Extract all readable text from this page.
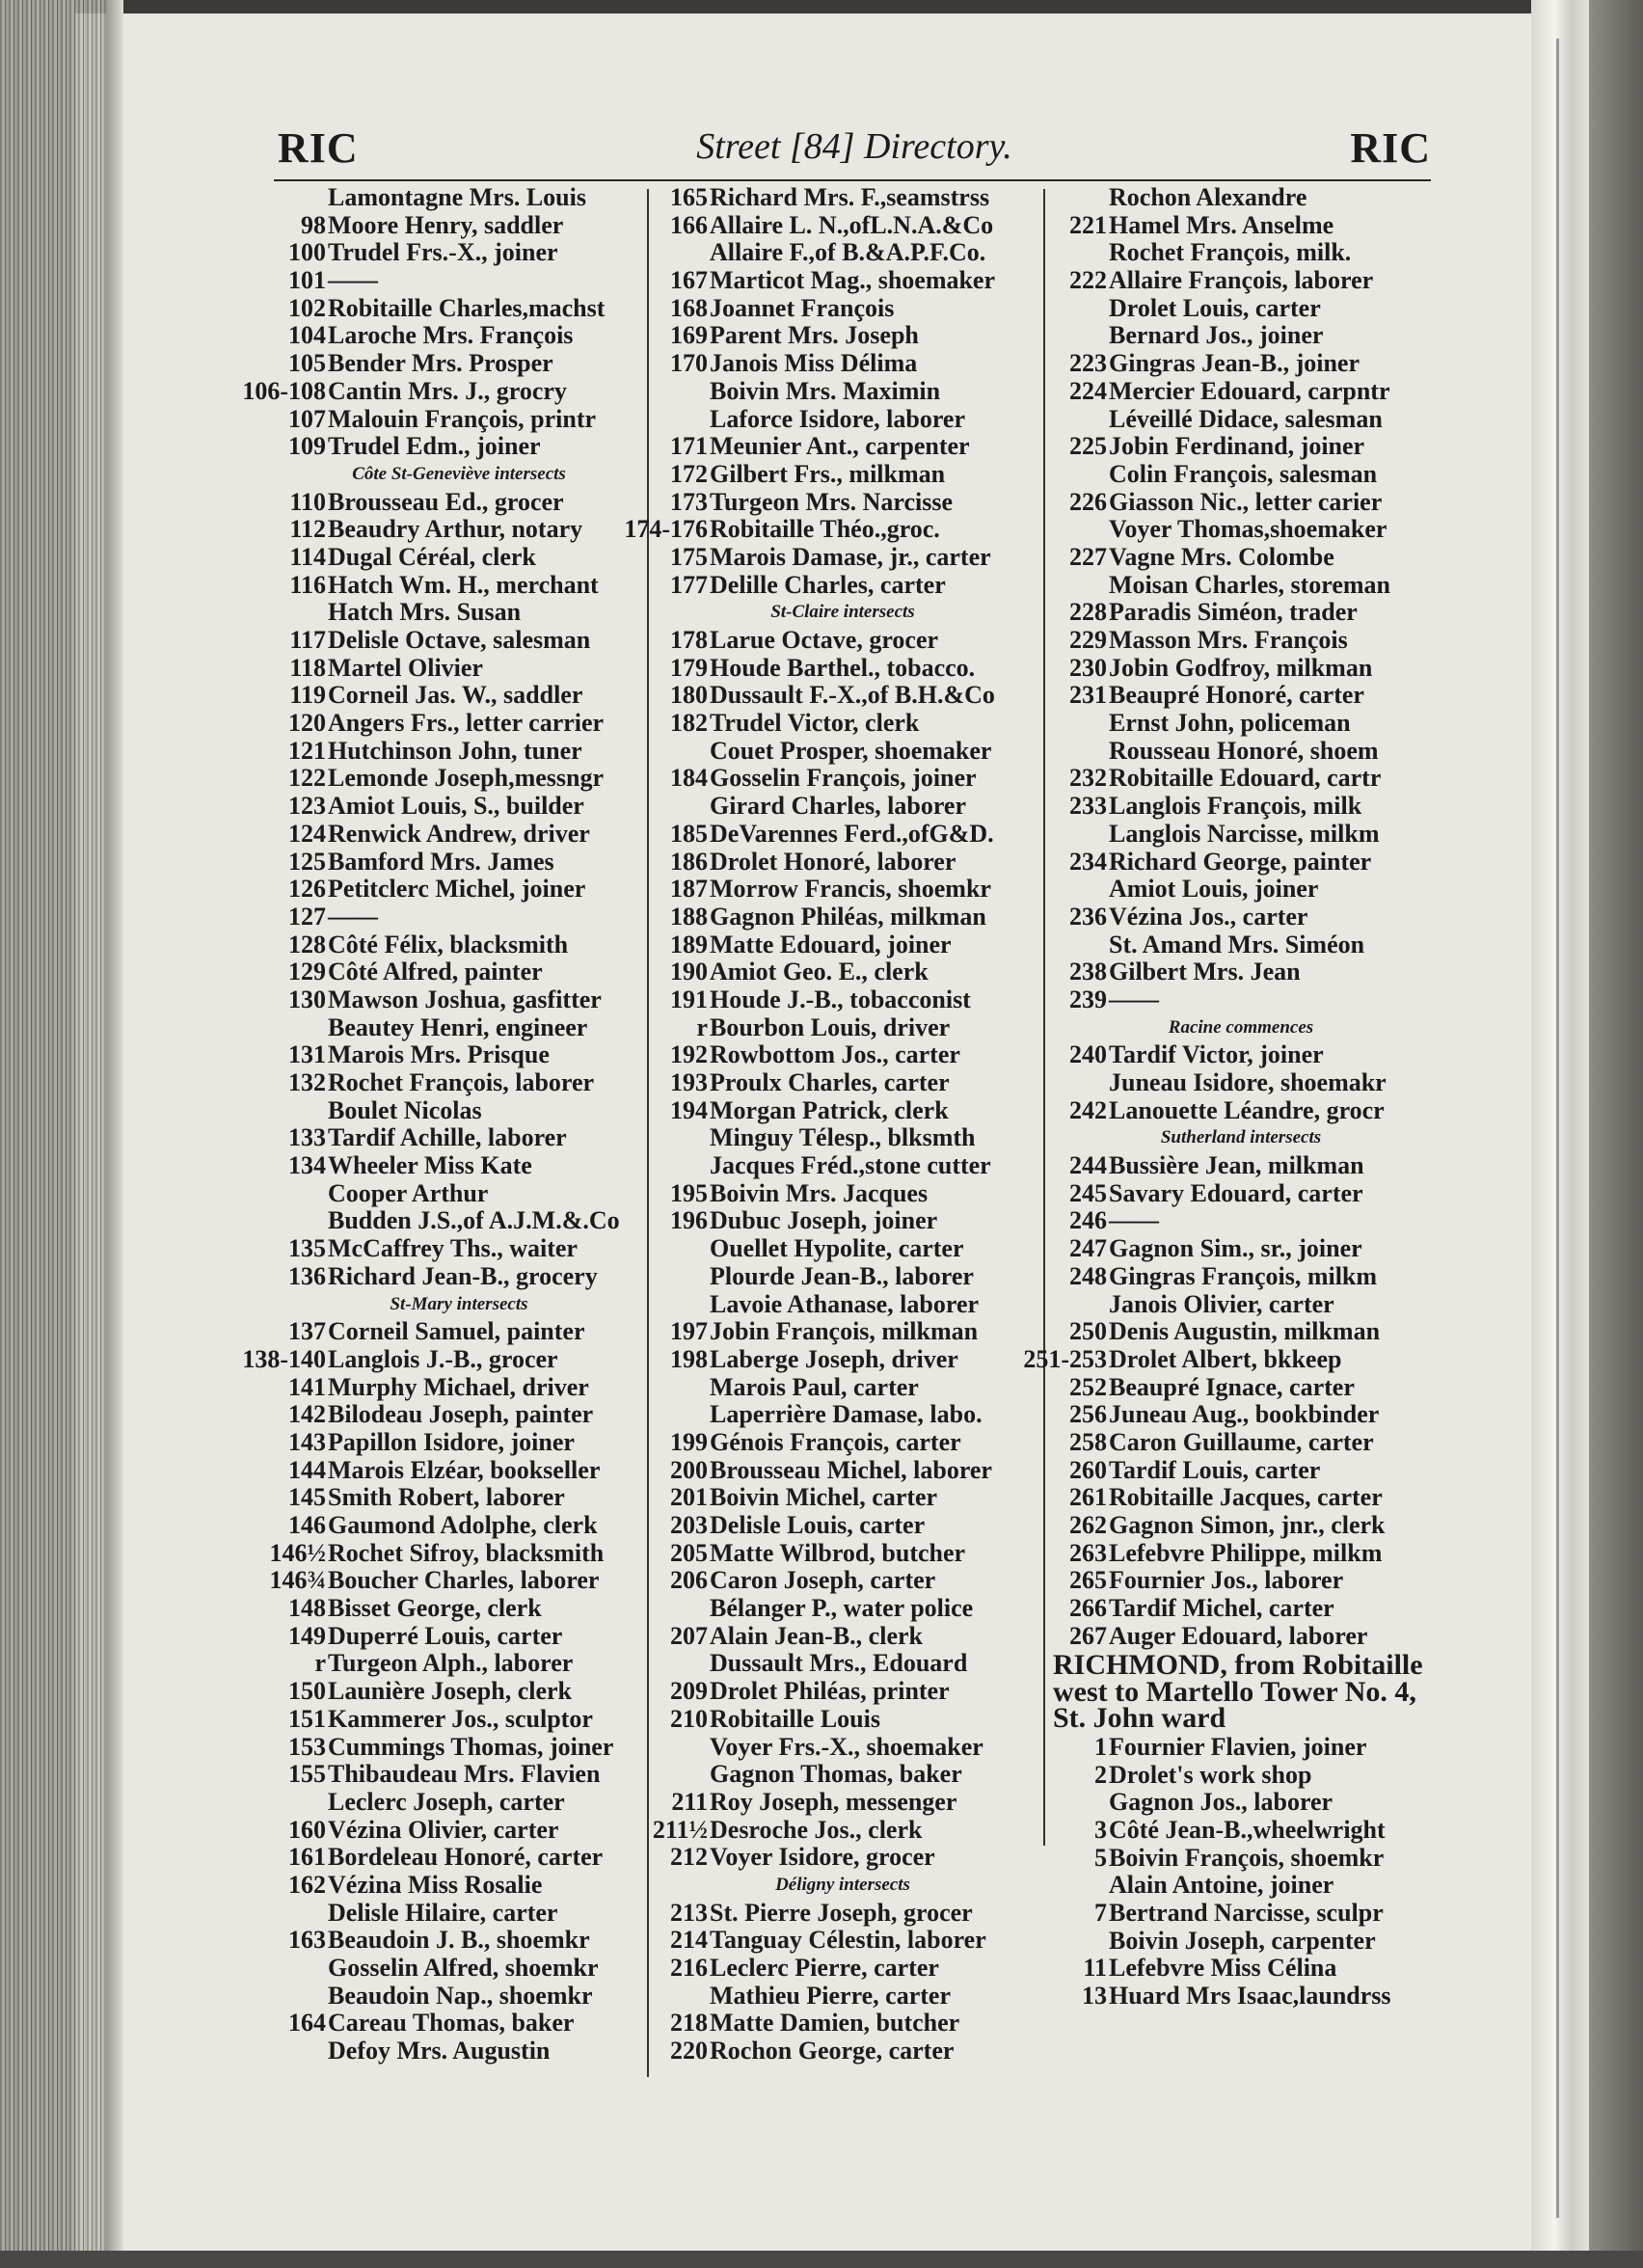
RIC	Street [84] Directory.	RIC
Lamontagne Mrs. Louis
98 Moore Henry, saddler
100 Trudel Frs.-X., joiner
101 ——
102 Robitaille Charles,machst
104 Laroche Mrs. François
105 Bender Mrs. Prosper
106-108 Cantin Mrs. J., grocry
107 Malouin François, printr
109 Trudel Edm., joiner
Côte St-Geneviève intersects
110 Brousseau Ed., grocer
112 Beaudry Arthur, notary
114 Dugal Céréal, clerk
116 Hatch Wm. H., merchant
Hatch Mrs. Susan
117 Delisle Octave, salesman
118 Martel Olivier
119 Corneil Jas. W., saddler
120 Angers Frs., letter carrier
121 Hutchinson John, tuner
122 Lemonde Joseph,messngr
123 Amiot Louis, S., builder
124 Renwick Andrew, driver
125 Bamford Mrs. James
126 Petitclerc Michel, joiner
127 ——
128 Côté Félix, blacksmith
129 Côté Alfred, painter
130 Mawson Joshua, gasfitter
Beautey Henri, engineer
131 Marois Mrs. Prisque
132 Rochet François, laborer
Boulet Nicolas
133 Tardif Achille, laborer
134 Wheeler Miss Kate
Cooper Arthur
Budden J.S.,of A.J.M.&.Co
135 McCaffrey Ths., waiter
136 Richard Jean-B., grocery
St-Mary intersects
137 Corneil Samuel, painter
138-140 Langlois J.-B., grocer
141 Murphy Michael, driver
142 Bilodeau Joseph, painter
143 Papillon Isidore, joiner
144 Marois Elzéar, bookseller
145 Smith Robert, laborer
146 Gaumond Adolphe, clerk
146½ Rochet Sifroy, blacksmith
146¾ Boucher Charles, laborer
148 Bisset George, clerk
149 Duperré Louis, carter
r Turgeon Alph., laborer
150 Launière Joseph, clerk
151 Kammerer Jos., sculptor
153 Cummings Thomas, joiner
155 Thibaudeau Mrs. Flavien
Leclerc Joseph, carter
160 Vézina Olivier, carter
161 Bordeleau Honoré, carter
162 Vézina Miss Rosalie
Delisle Hilaire, carter
163 Beaudoin J. B., shoemkr
Gosselin Alfred, shoemkr
Beaudoin Nap., shoemkr
164 Careau Thomas, baker
Defoy Mrs. Augustin
165 Richard Mrs. F.,seamstrss
166 Allaire L. N.,ofL.N.A.&Co
Allaire F.,of B.&A.P.F.Co.
167 Marticot Mag., shoemaker
168 Joannet François
169 Parent Mrs. Joseph
170 Janois Miss Délima
Boivin Mrs. Maximin
Laforce Isidore, laborer
171 Meunier Ant., carpenter
172 Gilbert Frs., milkman
173 Turgeon Mrs. Narcisse
174-176 Robitaille Théo.,groc.
175 Marois Damase, jr., carter
177 Delille Charles, carter
St-Claire intersects
178 Larue Octave, grocer
179 Houde Barthel., tobacco.
180 Dussault F.-X.,of B.H.&Co
182 Trudel Victor, clerk
Couet Prosper, shoemaker
184 Gosselin François, joiner
Girard Charles, laborer
185 DeVarennes Ferd.,ofG&D.
186 Drolet Honoré, laborer
187 Morrow Francis, shoemkr
188 Gagnon Philéas, milkman
189 Matte Edouard, joiner
190 Amiot Geo. E., clerk
191 Houde J.-B., tobacconist
r Bourbon Louis, driver
192 Rowbottom Jos., carter
193 Proulx Charles, carter
194 Morgan Patrick, clerk
Minguy Télesp., blksmth
Jacques Fréd.,stone cutter
195 Boivin Mrs. Jacques
196 Dubuc Joseph, joiner
Ouellet Hypolite, carter
Plourde Jean-B., laborer
Lavoie Athanase, laborer
197 Jobin François, milkman
198 Laberge Joseph, driver
Marois Paul, carter
Laperrière Damase, labo.
199 Génois François, carter
200 Brousseau Michel, laborer
201 Boivin Michel, carter
203 Delisle Louis, carter
205 Matte Wilbrod, butcher
206 Caron Joseph, carter
Bélanger P., water police
207 Alain Jean-B., clerk
Dussault Mrs., Edouard
209 Drolet Philéas, printer
210 Robitaille Louis
Voyer Frs.-X., shoemaker
Gagnon Thomas, baker
211 Roy Joseph, messenger
211½ Desroche Jos., clerk
212 Voyer Isidore, grocer
Déligny intersects
213 St. Pierre Joseph, grocer
214 Tanguay Célestin, laborer
216 Leclerc Pierre, carter
Mathieu Pierre, carter
218 Matte Damien, butcher
220 Rochon George, carter
Rochon Alexandre
221 Hamel Mrs. Anselme
Rochet François, milk.
222 Allaire François, laborer
Drolet Louis, carter
Bernard Jos., joiner
223 Gingras Jean-B., joiner
224 Mercier Edouard, carpntr
Léveillé Didace, salesman
225 Jobin Ferdinand, joiner
Colin François, salesman
226 Giasson Nic., letter carier
Voyer Thomas,shoemaker
227 Vagne Mrs. Colombe
Moisan Charles, storeman
228 Paradis Siméon, trader
229 Masson Mrs. François
230 Jobin Godfroy, milkman
231 Beaupré Honoré, carter
Ernst John, policeman
Rousseau Honoré, shoem
232 Robitaille Edouard, cartr
233 Langlois François, milk
Langlois Narcisse, milkm
234 Richard George, painter
Amiot Louis, joiner
236 Vézina Jos., carter
St. Amand Mrs. Siméon
238 Gilbert Mrs. Jean
239 ——
Racine commences
240 Tardif Victor, joiner
Juneau Isidore, shoemakr
242 Lanouette Léandre, grocr
Sutherland intersects
244 Bussière Jean, milkman
245 Savary Edouard, carter
246 ——
247 Gagnon Sim., sr., joiner
248 Gingras François, milkm
Janois Olivier, carter
250 Denis Augustin, milkman
251-253 Drolet Albert, bkkeep
252 Beaupré Ignace, carter
256 Juneau Aug., bookbinder
258 Caron Guillaume, carter
260 Tardif Louis, carter
261 Robitaille Jacques, carter
262 Gagnon Simon, jnr., clerk
263 Lefebvre Philippe, milkm
265 Fournier Jos., laborer
266 Tardif Michel, carter
267 Auger Edouard, laborer
RICHMOND, from Robitaille west to Martello Tower No. 4, St. John ward
1 Fournier Flavien, joiner
2 Drolet's work shop
Gagnon Jos., laborer
3 Côté Jean-B.,wheelwright
5 Boivin François, shoemkr
Alain Antoine, joiner
7 Bertrand Narcisse, sculpr
Boivin Joseph, carpenter
11 Lefebvre Miss Célina
13 Huard Mrs Isaac,laundrss
